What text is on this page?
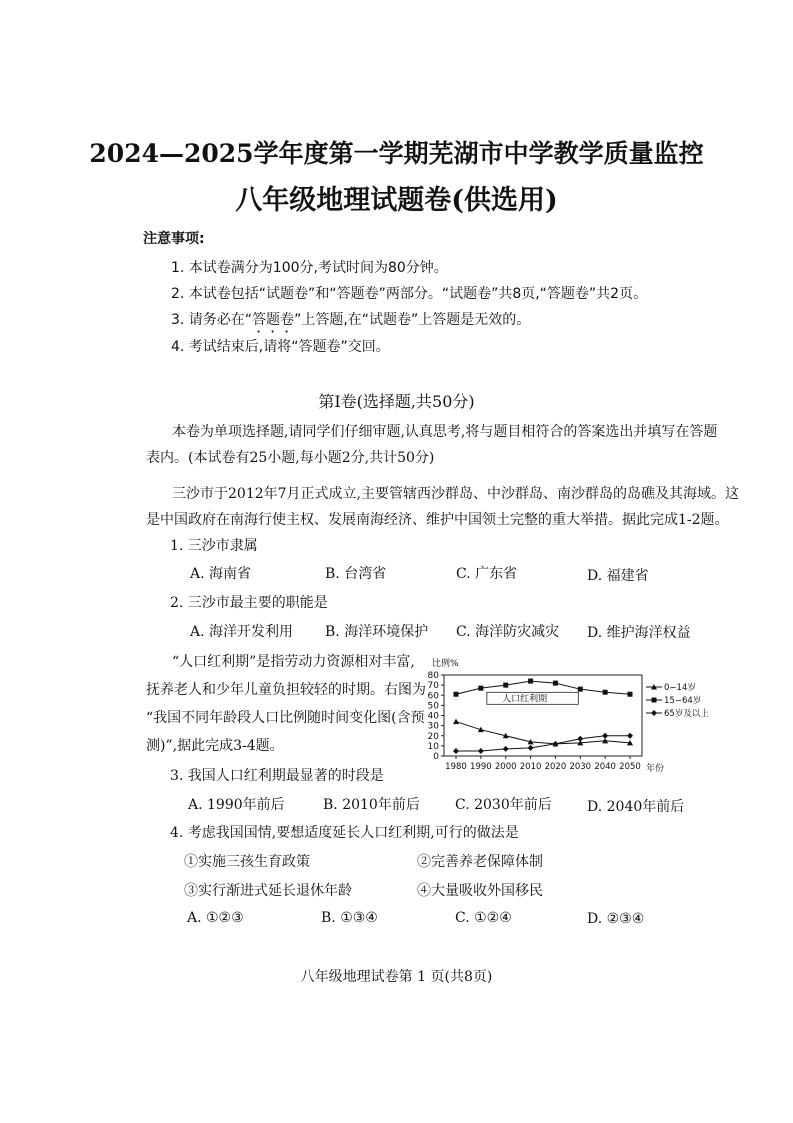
2024—2025学年度第一学期芜湖市中学教学质量监控
八年级地理试题卷(供选用)
注意事项:
1. 本试卷满分为100分,考试时间为80分钟。
2. 本试卷包括“试题卷”和“答题卷”两部分。“试题卷”共8页,“答题卷”共2页。
3. 请务必在“答题卷”上答题,在“试题卷”上答题是无效的。
4. 考试结束后,请将“答题卷”交回。
第Ⅰ卷(选择题,共50分)
本卷为单项选择题,请同学们仔细审题,认真思考,将与题目相符合的答案选出并填写在答题
表内。(本试卷有25小题,每小题2分,共计50分)
三沙市于2012年7月正式成立,主要管辖西沙群岛、中沙群岛、南沙群岛的岛礁及其海域。这
是中国政府在南海行使主权、发展南海经济、维护中国领土完整的重大举措。据此完成1-2题。
1. 三沙市隶属
A. 海南省	B. 台湾省	C. 广东省	D. 福建省
2. 三沙市最主要的职能是
A. 海洋开发利用 B. 海洋环境保护 C. 海洋防灾减灾 D. 维护海洋权益
“人口红利期”是指劳动力资源相对丰富,
抚养老人和少年儿童负担较轻的时期。右图为
“我国不同年龄段人口比例随时间变化图(含预
测)”,据此完成3-4题。
0
10
20
30
40
50
60
70
80
1980 1990 2000 2010 2020 2030 2040 2050
比例%
年份
人口红利期
0−14岁
15−64岁
65岁及以上
3. 我国人口红利期最显著的时段是
A. 1990年前后	B. 2010年前后	C. 2030年前后	D. 2040年前后
4. 考虑我国国情,要想适度延长人口红利期,可行的做法是
①实施三孩生育政策	②完善养老保障体制
③实行渐进式延长退休年龄	④大量吸收外国移民
A. ①②③	B. ①③④	C. ①②④	D. ②③④
八年级地理试卷第 1 页(共8页)
